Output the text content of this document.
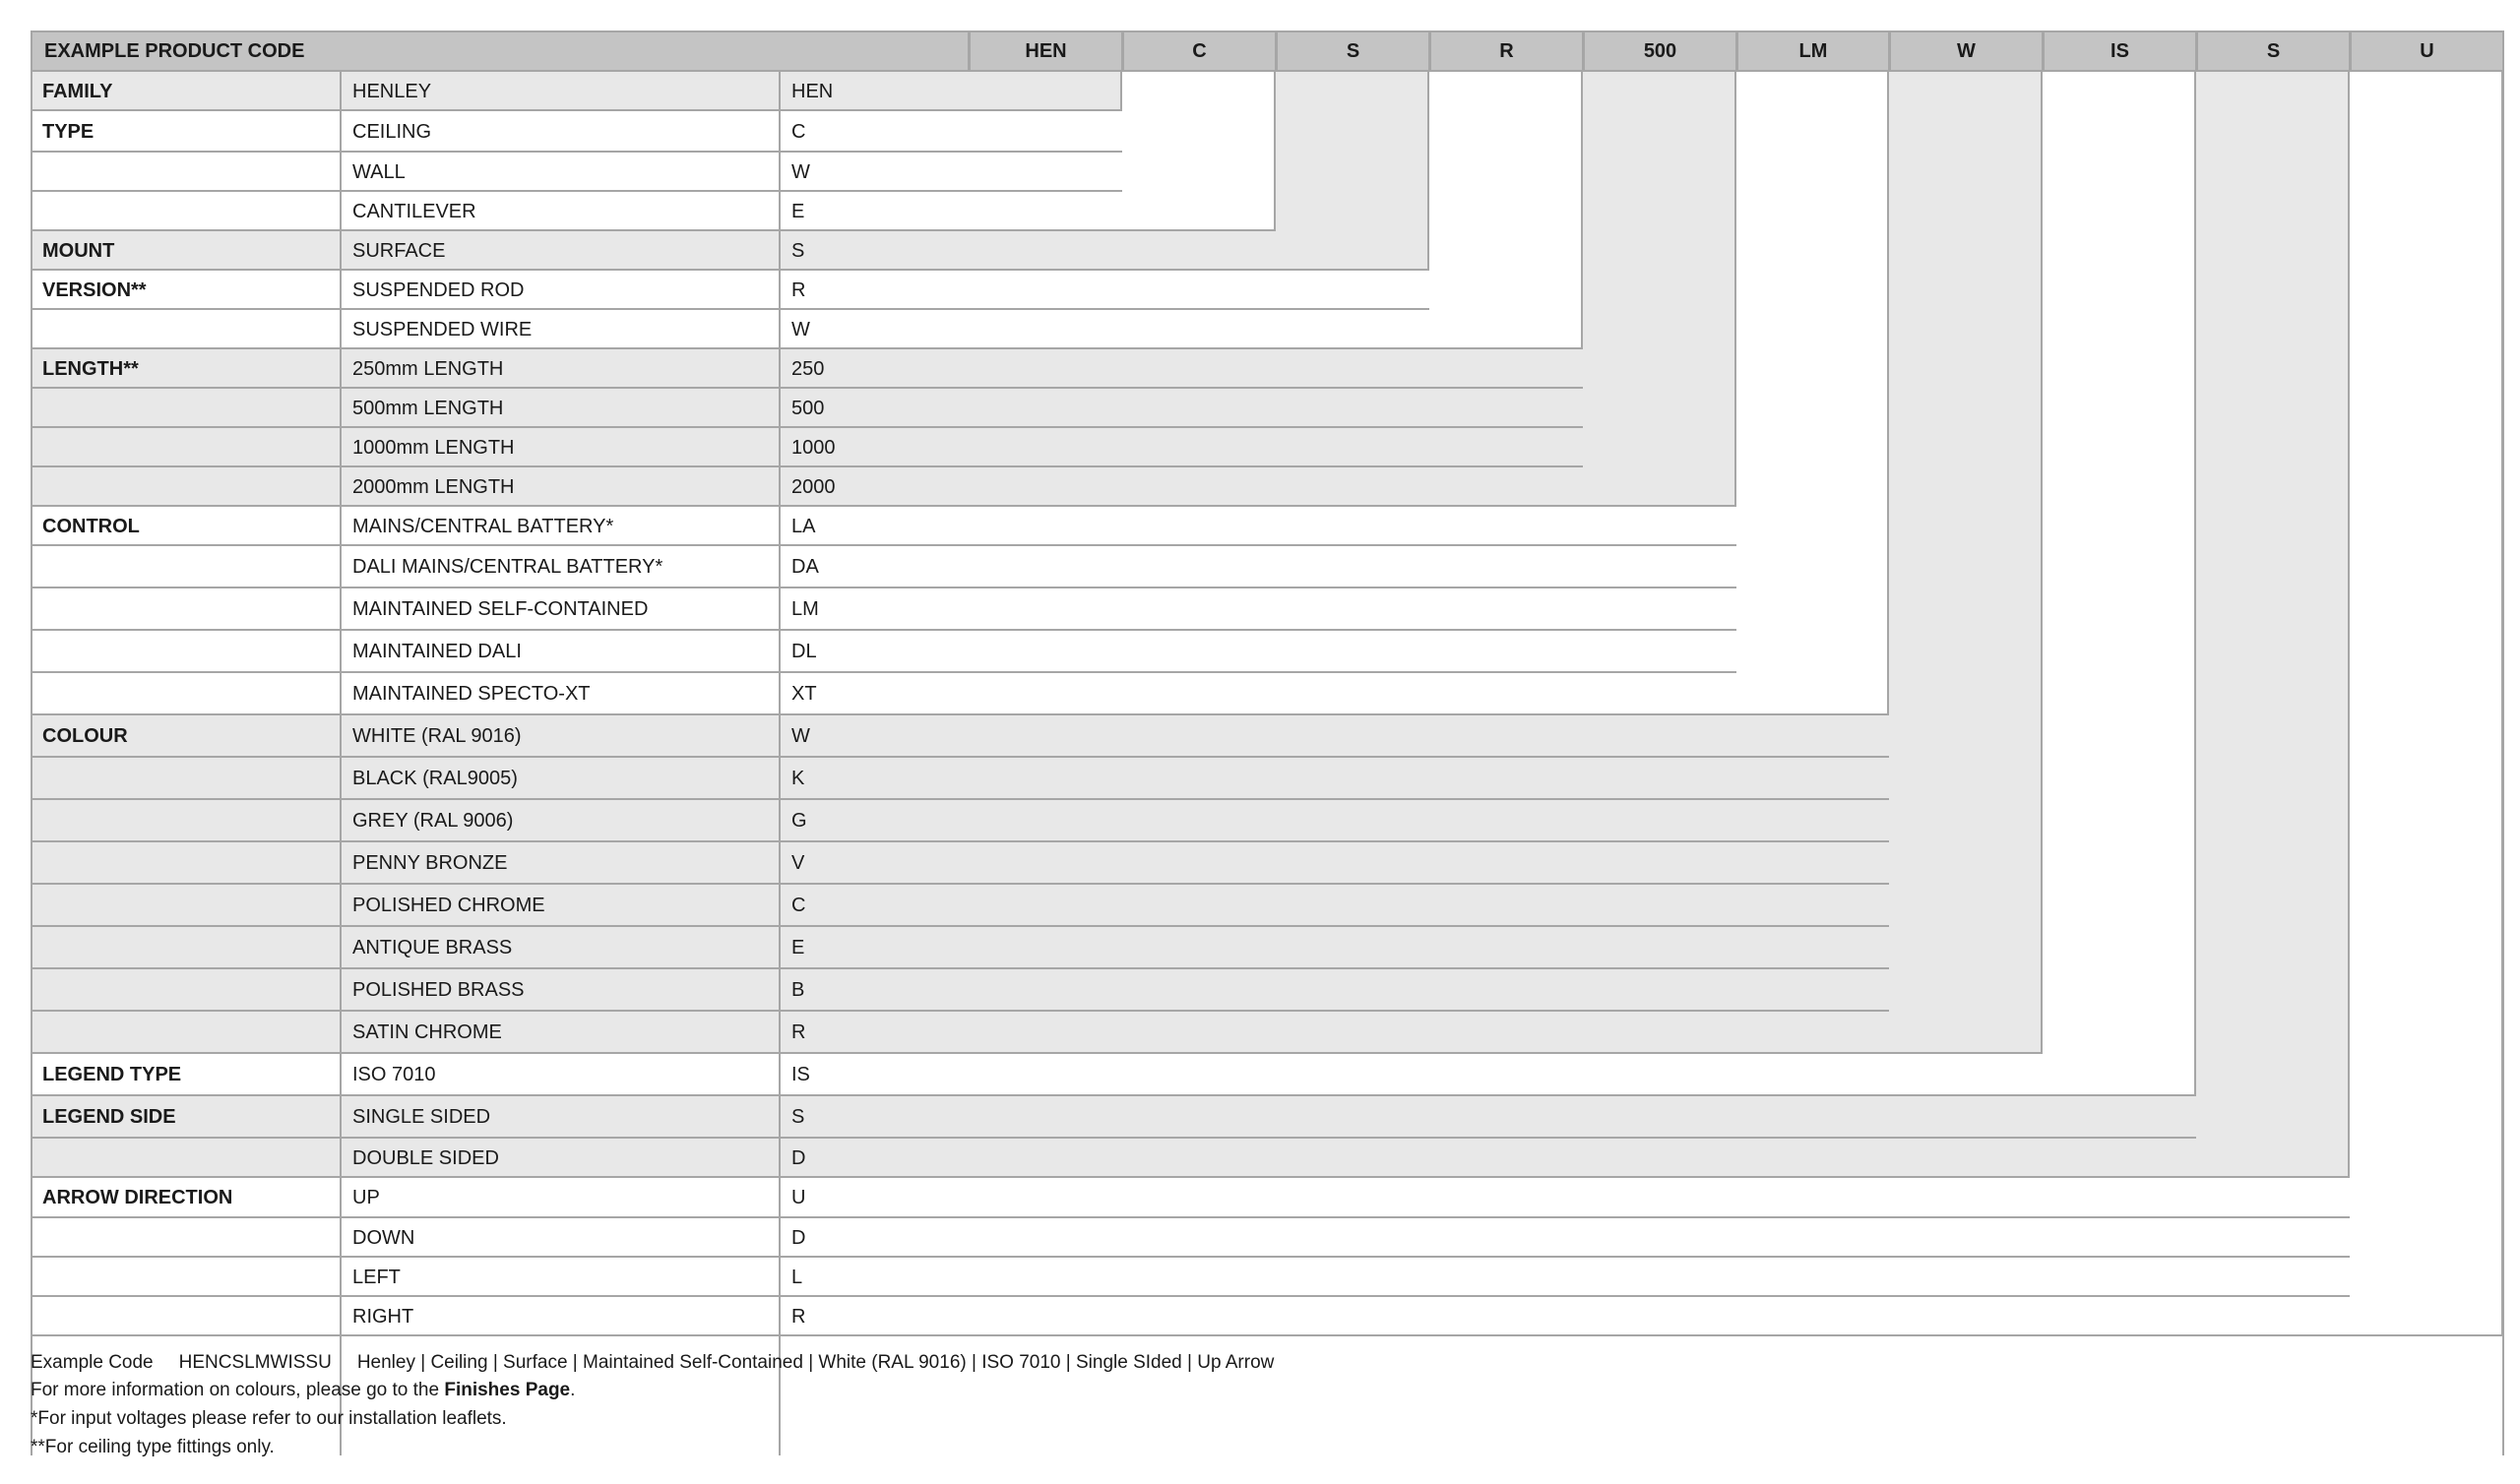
FAMILY	HENLEY	HEN
TYPE	CEILING	C
WALL	W
CANTILEVER	E
MOUNT	SURFACE	S
VERSION**	SUSPENDED ROD	R
SUSPENDED WIRE	W
LENGTH**	250mm LENGTH	250
500mm LENGTH	500
1000mm LENGTH	1000
2000mm LENGTH	2000
CONTROL	MAINS/CENTRAL BATTERY*	LA
DALI MAINS/CENTRAL BATTERY*	DA
MAINTAINED SELF-CONTAINED	LM
MAINTAINED DALI	DL
MAINTAINED SPECTO-XT	XT
COLOUR	WHITE (RAL 9016)	W
BLACK (RAL9005)	K
GREY (RAL 9006)	G
PENNY BRONZE	V
POLISHED CHROME	C
ANTIQUE BRASS	E
POLISHED BRASS	B
SATIN CHROME	R
LEGEND TYPE	ISO 7010	IS
LEGEND SIDE	SINGLE SIDED	S
DOUBLE SIDED	D
ARROW DIRECTION	UP	U
DOWN	D
LEFT	L
RIGHT	R
EXAMPLE PRODUCT CODE	HEN	C	S	R	500	LM	W	IS	S	U
Example Code HENCSLMWISSU Henley | Ceiling | Surface | Maintained Self-Contained | White (RAL 9016) | ISO 7010 | Single SIded | Up Arrow
For more information on colours, please go to the Finishes Page.
*For input voltages please refer to our installation leaflets.
**For ceiling type fittings only.
